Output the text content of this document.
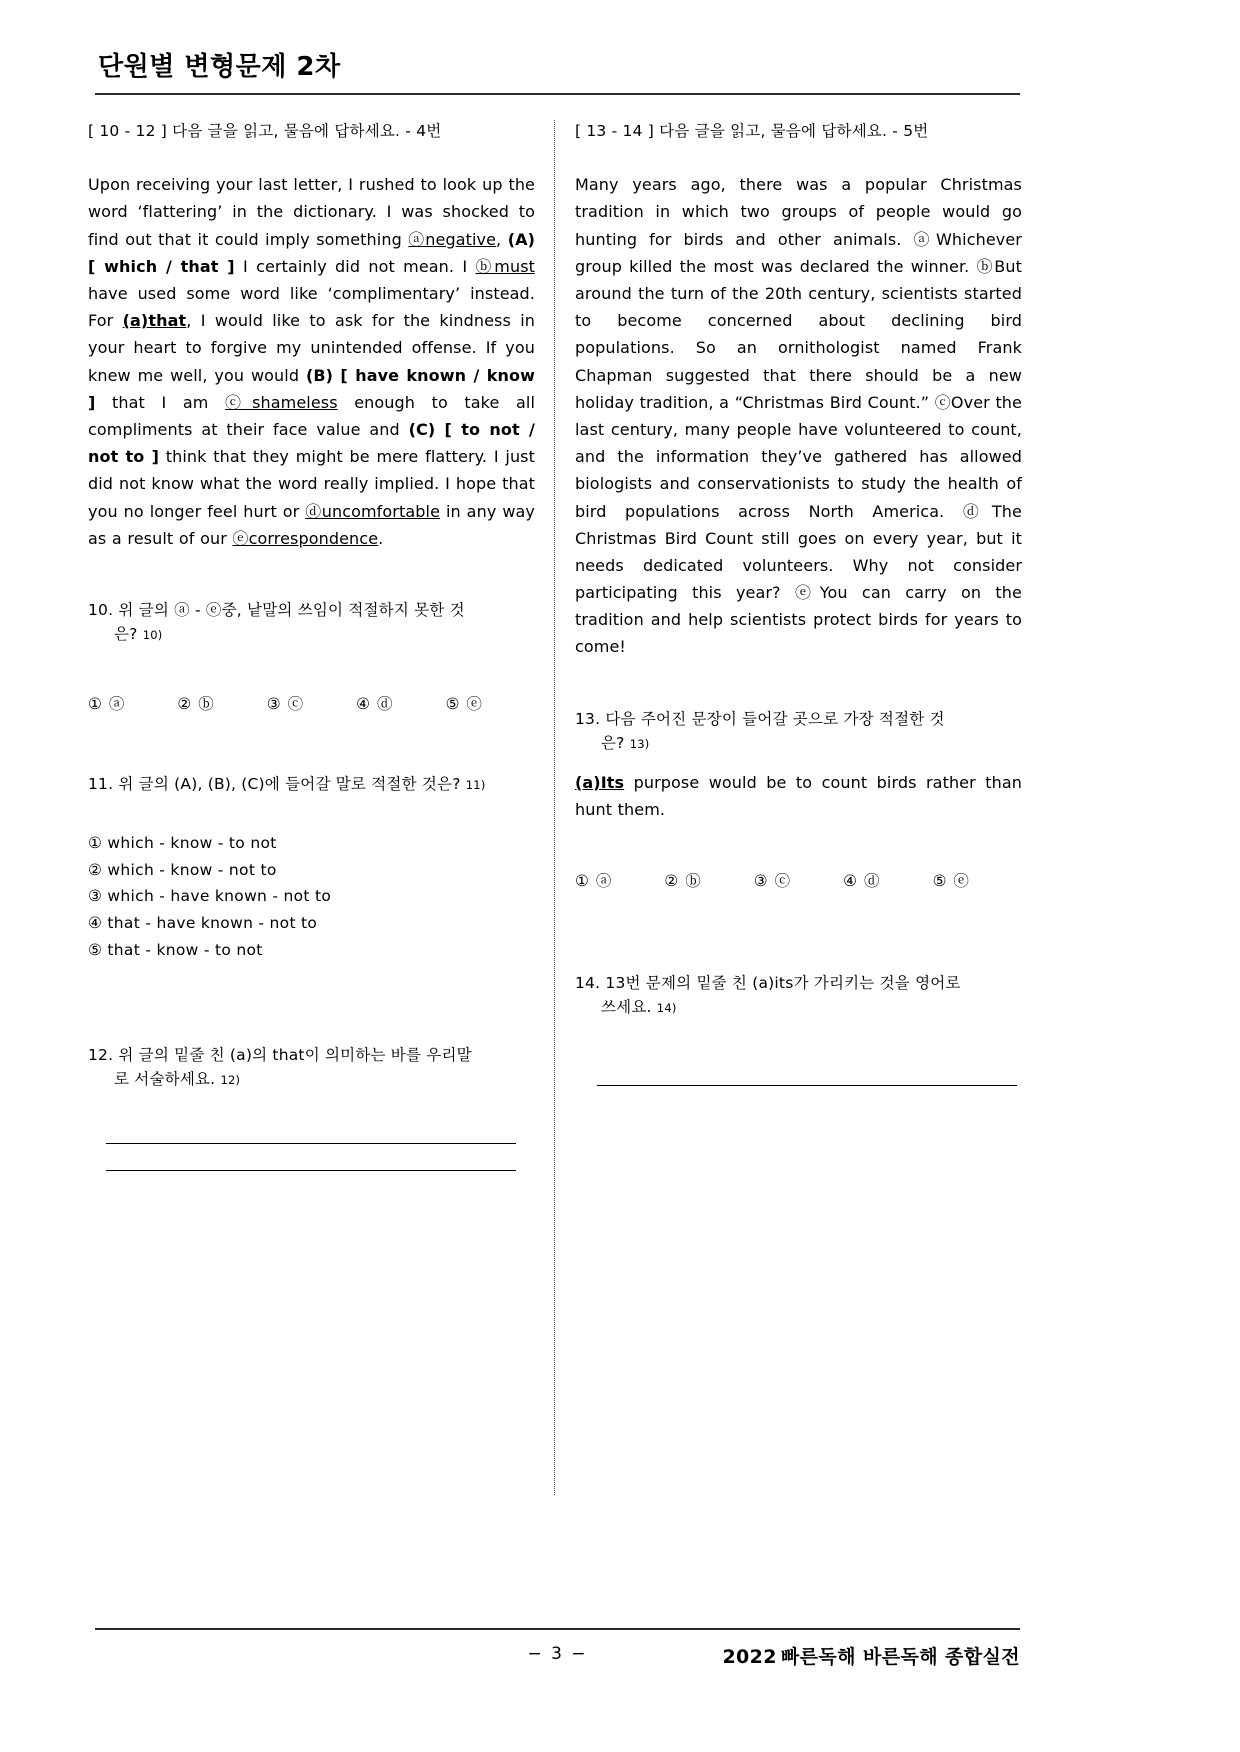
단원별 변형문제 2차
[ 10 - 12 ] 다음 글을 읽고, 물음에 답하세요. - 4번
Upon receiving your last letter, I rushed to look up the word ‘flattering’ in the dictionary. I was shocked to find out that it could imply something ⓐnegative, (A) [ which / that ] I certainly did not mean. I ⓑmust have used some word like ‘complimentary’ instead. For (a)that, I would like to ask for the kindness in your heart to forgive my unintended offense. If you knew me well, you would (B) [ have known / know ] that I am ⓒshameless enough to take all compliments at their face value and (C) [ to not / not to ] think that they might be mere flattery. I just did not know what the word really implied. I hope that you no longer feel hurt or ⓓuncomfortable in any way as a result of our ⓔcorrespondence.
10. 위 글의 ⓐ - ⓔ중, 낱말의 쓰임이 적절하지 못한 것
은? 10)
① ⓐ	② ⓑ	③ ⓒ	④ ⓓ	⑤ ⓔ
11. 위 글의 (A), (B), (C)에 들어갈 말로 적절한 것은? 11)
① which - know - to not
② which - know - not to
③ which - have known - not to
④ that - have known - not to
⑤ that - know - to not
12. 위 글의 밑줄 친 (a)의 that이 의미하는 바를 우리말
로 서술하세요. 12)
[ 13 - 14 ] 다음 글을 읽고, 물음에 답하세요. - 5번
Many years ago, there was a popular Christmas tradition in which two groups of people would go hunting for birds and other animals. ⓐWhichever group killed the most was declared the winner. ⓑBut around the turn of the 20th century, scientists started to become concerned about declining bird populations. So an ornithologist named Frank Chapman suggested that there should be a new holiday tradition, a “Christmas Bird Count.” ⓒOver the last century, many people have volunteered to count, and the information they’ve gathered has allowed biologists and conservationists to study the health of bird populations across North America. ⓓThe Christmas Bird Count still goes on every year, but it needs dedicated volunteers. Why not consider participating this year? ⓔYou can carry on the tradition and help scientists protect birds for years to come!
13. 다음 주어진 문장이 들어갈 곳으로 가장 적절한 것
은? 13)
(a)Its purpose would be to count birds rather than hunt them.
① ⓐ	② ⓑ	③ ⓒ	④ ⓓ	⑤ ⓔ
14. 13번 문제의 밑줄 친 (a)its가 가리키는 것을 영어로
쓰세요. 14)
− 3 −	2022 빠른독해 바른독해 종합실전
